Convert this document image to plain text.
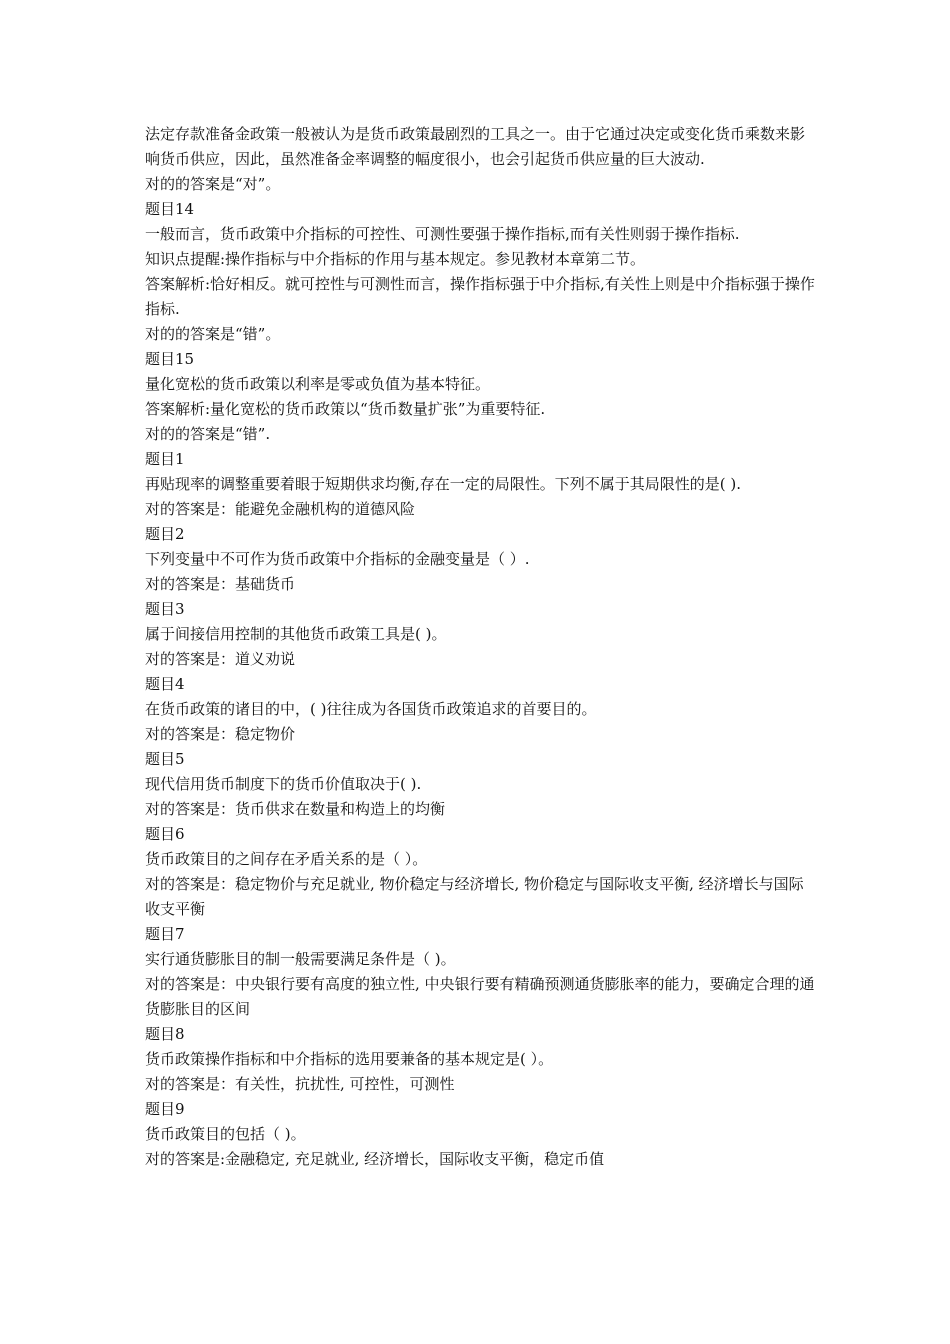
法定存款准备金政策一般被认为是货币政策最剧烈的工具之一。由于它通过决定或变化货币乘数来影响货币供应，因此，虽然准备金率调整的幅度很小，也会引起货币供应量的巨大波动.

对的的答案是“对”。

题目14

一般而言，货币政策中介指标的可控性、可测性要强于操作指标,而有关性则弱于操作指标.

知识点提醒:操作指标与中介指标的作用与基本规定。参见教材本章第二节。

答案解析:恰好相反。就可控性与可测性而言，操作指标强于中介指标,有关性上则是中介指标强于操作指标.

对的的答案是“错”。

题目15

量化宽松的货币政策以利率是零或负值为基本特征。

答案解析:量化宽松的货币政策以“货币数量扩张”为重要特征.

对的的答案是“错”.

题目1

再贴现率的调整重要着眼于短期供求均衡,存在一定的局限性。下列不属于其局限性的是( ).

对的答案是：能避免金融机构的道德风险

题目2

下列变量中不可作为货币政策中介指标的金融变量是（ ）.

对的答案是：基础货币

题目3

属于间接信用控制的其他货币政策工具是( )。

对的答案是：道义劝说

题目4

在货币政策的诸目的中，( )往往成为各国货币政策追求的首要目的。

对的答案是：稳定物价

题目5

现代信用货币制度下的货币价值取决于( ).

对的答案是：货币供求在数量和构造上的均衡

题目6

货币政策目的之间存在矛盾关系的是（ ）。

对的答案是：稳定物价与充足就业, 物价稳定与经济增长, 物价稳定与国际收支平衡, 经济增长与国际收支平衡

题目7

实行通货膨胀目的制一般需要满足条件是（ )。

对的答案是：中央银行要有高度的独立性, 中央银行要有精确预测通货膨胀率的能力，要确定合理的通货膨胀目的区间

题目8

货币政策操作指标和中介指标的选用要兼备的基本规定是( ）。

对的答案是：有关性，抗扰性, 可控性，可测性

题目9

货币政策目的包括（ )。

对的答案是:金融稳定, 充足就业, 经济增长，国际收支平衡，稳定币值
